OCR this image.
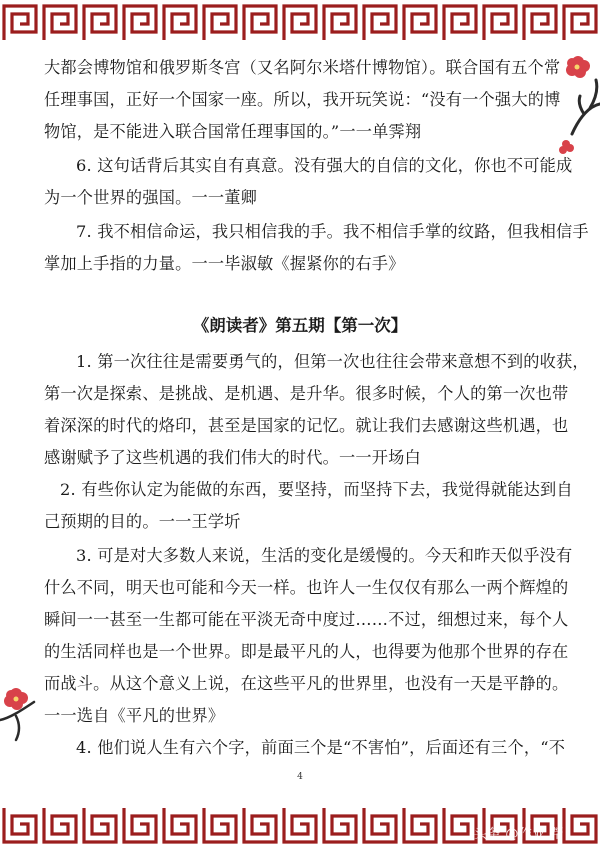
大都会博物馆和俄罗斯冬宫（又名阿尔米塔什博物馆）。联合国有五个常
任理事国，正好一个国家一座。所以，我开玩笑说：“没有一个强大的博
物馆，是不能进入联合国常任理事国的。”一一单霁翔
6. 这句话背后其实自有真意。没有强大的自信的文化，你也不可能成
为一个世界的强国。一一董卿
7. 我不相信命运，我只相信我的手。我不相信手掌的纹路，但我相信手
掌加上手指的力量。一一毕淑敏《握紧你的右手》
《朗读者》第五期【第一次】
1. 第一次往往是需要勇气的，但第一次也往往会带来意想不到的收获，
第一次是探索、是挑战、是机遇、是升华。很多时候，个人的第一次也带
着深深的时代的烙印，甚至是国家的记忆。就让我们去感谢这些机遇，也
感谢赋予了这些机遇的我们伟大的时代。一一开场白
2. 有些你认定为能做的东西，要坚持，而坚持下去，我觉得就能达到自
己预期的目的。一一王学圻
3. 可是对大多数人来说，生活的变化是缓慢的。今天和昨天似乎没有
什么不同，明天也可能和今天一样。也许人一生仅仅有那么一两个辉煌的
瞬间一一甚至一生都可能在平淡无奇中度过……不过，细想过来，每个人
的生活同样也是一个世界。即是最平凡的人，也得要为他那个世界的存在
而战斗。从这个意义上说，在这些平凡的世界里，也没有一天是平静的。
一一选自《平凡的世界》
4. 他们说人生有六个字，前面三个是“不害怕”，后面还有三个，“不
4
头条 @作业 帮
